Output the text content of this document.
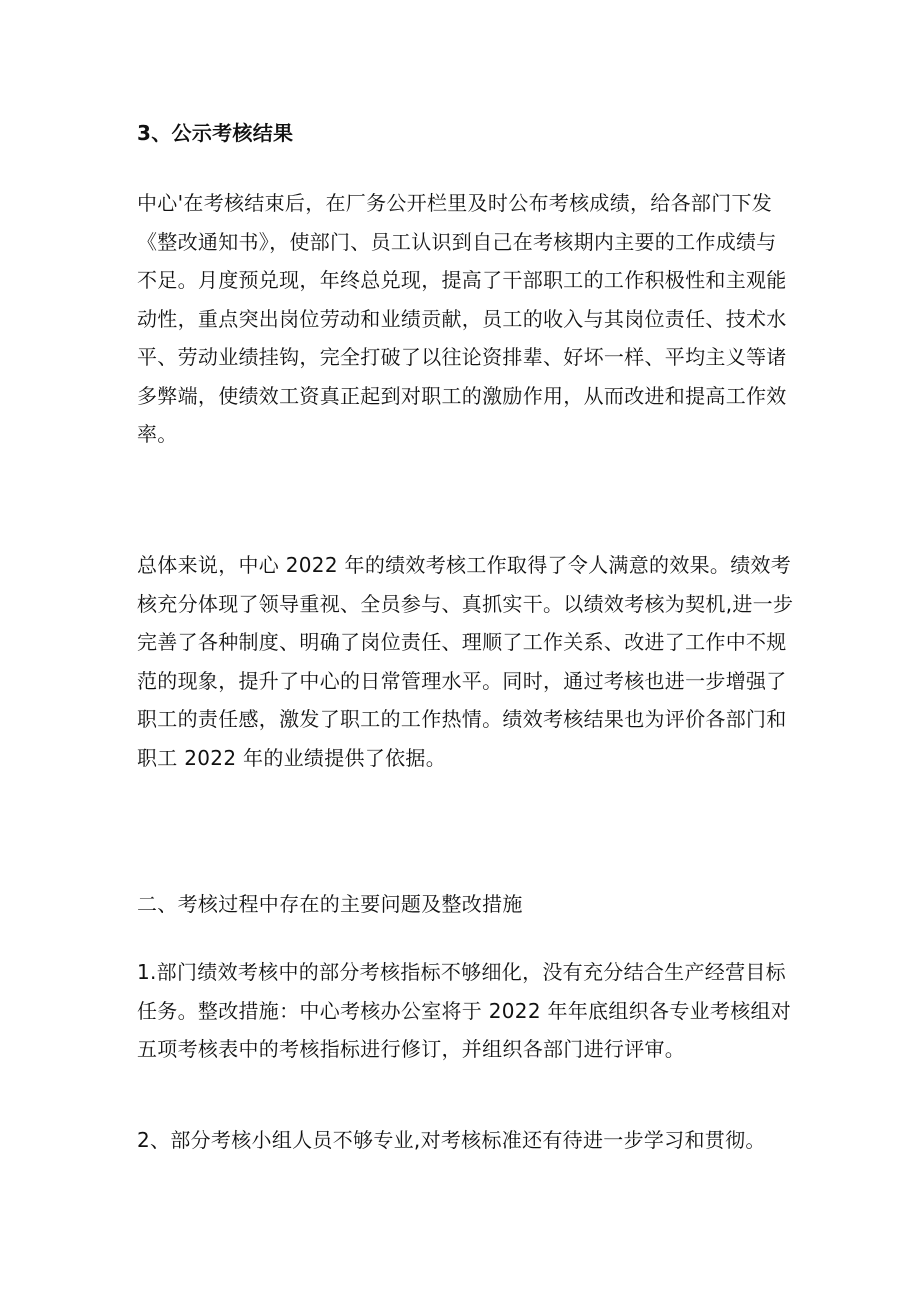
3、公示考核结果
中心'在考核结束后，在厂务公开栏里及时公布考核成绩，给各部门下发
《整改通知书》，使部门、员工认识到自己在考核期内主要的工作成绩与
不足。月度预兑现，年终总兑现，提高了干部职工的工作积极性和主观能
动性，重点突出岗位劳动和业绩贡献，员工的收入与其岗位责任、技术水
平、劳动业绩挂钩，完全打破了以往论资排辈、好坏一样、平均主义等诸
多弊端，使绩效工资真正起到对职工的激励作用，从而改进和提高工作效
率。
总体来说，中心 2022 年的绩效考核工作取得了令人满意的效果。绩效考
核充分体现了领导重视、全员参与、真抓实干。以绩效考核为契机,进一步
完善了各种制度、明确了岗位责任、理顺了工作关系、改进了工作中不规
范的现象，提升了中心的日常管理水平。同时，通过考核也进一步增强了
职工的责任感，激发了职工的工作热情。绩效考核结果也为评价各部门和
职工 2022 年的业绩提供了依据。
二、考核过程中存在的主要问题及整改措施
1.部门绩效考核中的部分考核指标不够细化，没有充分结合生产经营目标
任务。整改措施：中心考核办公室将于 2022 年年底组织各专业考核组对
五项考核表中的考核指标进行修订，并组织各部门进行评审。
2、部分考核小组人员不够专业,对考核标准还有待进一步学习和贯彻。
